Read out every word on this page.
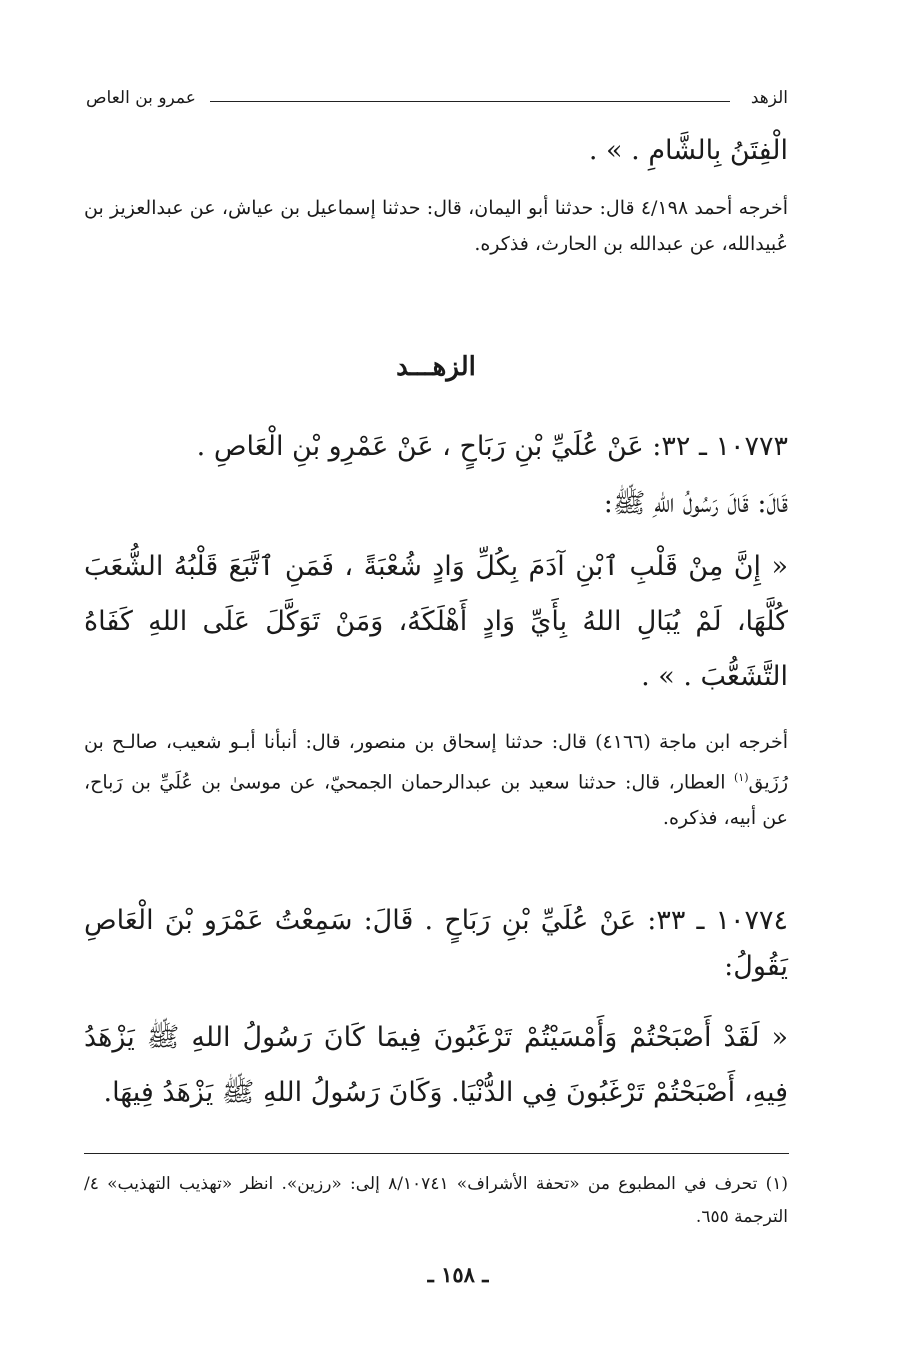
الزهد
عمرو بن العاص
الْفِتَنُ بِالشَّامِ . » .
أخرجه أحمد ٤/١٩٨ قال: حدثنا أبو اليمان، قال: حدثنا إسماعيل بن عياش، عن عبدالعزيز بن عُبيدالله، عن عبدالله بن الحارث، فذكره.
الزهـــد
١٠٧٧٣ ـ ٣٢: عَنْ عُلَيِّ بْنِ رَبَاحٍ ، عَنْ عَمْرِو بْنِ الْعَاصِ .
قَالَ: قَالَ رَسُولُ اللهِ ﷺ:
« إِنَّ مِنْ قَلْبِ ٱبْنِ آدَمَ بِكُلِّ وَادٍ شُعْبَةً ، فَمَنِ ٱتَّبَعَ قَلْبُهُ الشُّعَبَ كُلَّهَا، لَمْ يُبَالِ اللهُ بِأَيِّ وَادٍ أَهْلَكَهُ، وَمَنْ تَوَكَّلَ عَلَى اللهِ كَفَاهُ التَّشَعُّبَ . » .
أخرجه ابن ماجة (٤١٦٦) قال: حدثنا إسحاق بن منصور، قال: أنبأنا أبـو شعيب، صالـح بن رُزَيق$^{(١)}$ العطار، قال: حدثنا سعيد بن عبدالرحمان الجمحيّ، عن موسىٰ بن عُلَيِّ بن رَباح، عن أبيه، فذكره.
١٠٧٧٤ ـ ٣٣: عَنْ عُلَيِّ بْنِ رَبَاحٍ . قَالَ: سَمِعْتُ عَمْرَو بْنَ الْعَاصِ يَقُولُ:
« لَقَدْ أَصْبَحْتُمْ وَأَمْسَيْتُمْ تَرْغَبُونَ فِيمَا كَانَ رَسُولُ اللهِ ﷺ يَزْهَدُ فِيهِ، أَصْبَحْتُمْ تَرْغَبُونَ فِي الدُّنْيَا. وَكَانَ رَسُولُ اللهِ ﷺ يَزْهَدُ فِيهَا.
(١) تحرف في المطبوع من «تحفة الأشراف» ٨/١٠٧٤١ إلى: «رزين». انظر «تهذيب التهذيب» ٤/الترجمة ٦٥٥.
ـ ١٥٨ ـ
